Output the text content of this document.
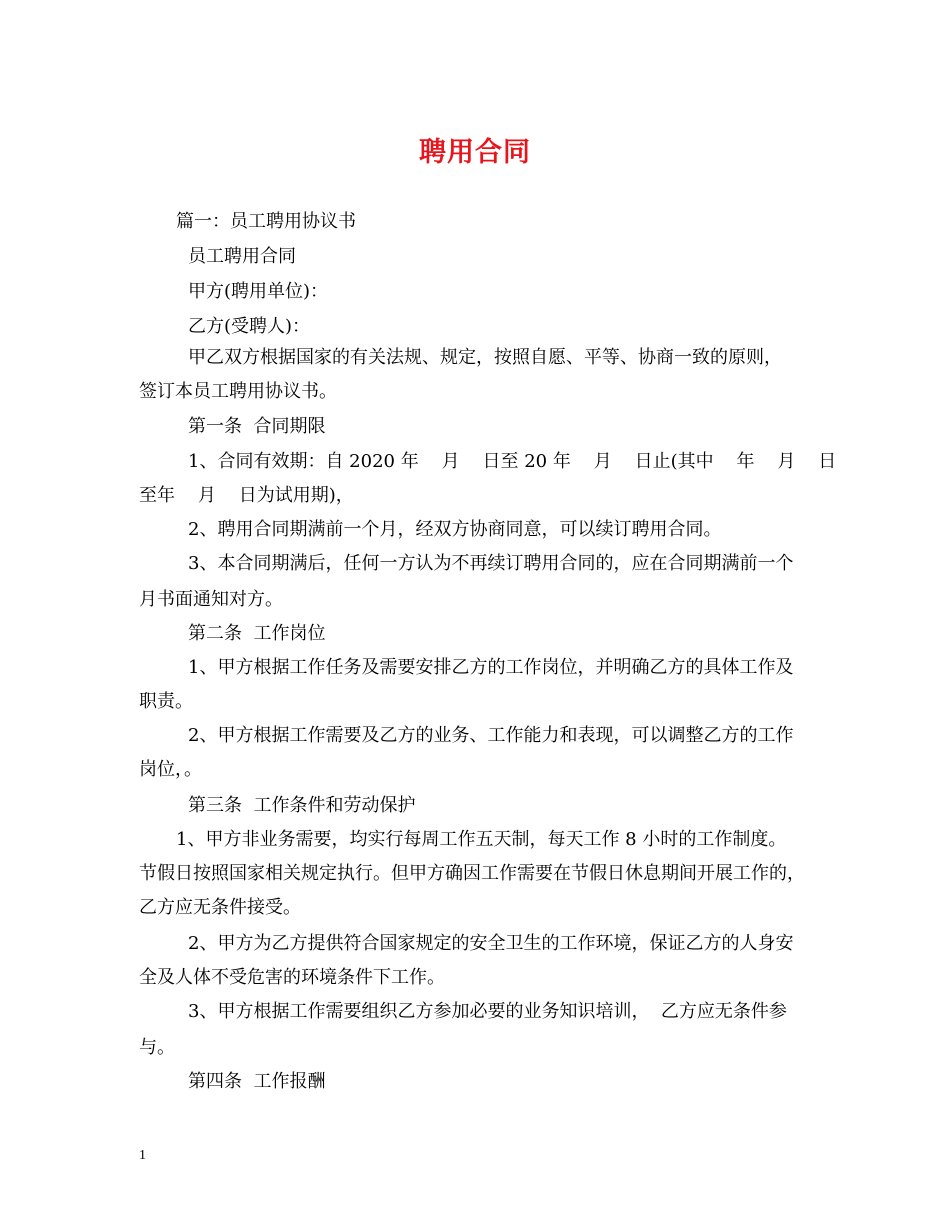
聘用合同
篇一：员工聘用协议书
员工聘用合同
甲方(聘用单位)：
乙方(受聘人)：
甲乙双方根据国家的有关法规、规定，按照自愿、平等、协商一致的原则，
签订本员工聘用协议书。
第一条  合同期限
1、合同有效期：自 2020 年    月    日至 20 年    月    日止(其中    年    月    日
至年    月    日为试用期)，
2、聘用合同期满前一个月，经双方协商同意，可以续订聘用合同。
3、本合同期满后，任何一方认为不再续订聘用合同的，应在合同期满前一个
月书面通知对方。
第二条  工作岗位
1、甲方根据工作任务及需要安排乙方的工作岗位，并明确乙方的具体工作及
职责。
2、甲方根据工作需要及乙方的业务、工作能力和表现，可以调整乙方的工作
岗位，。
第三条  工作条件和劳动保护
1、甲方非业务需要，均实行每周工作五天制，每天工作 8 小时的工作制度。
节假日按照国家相关规定执行。但甲方确因工作需要在节假日休息期间开展工作的，
乙方应无条件接受。
2、甲方为乙方提供符合国家规定的安全卫生的工作环境，保证乙方的人身安
全及人体不受危害的环境条件下工作。
3、甲方根据工作需要组织乙方参加必要的业务知识培训，  乙方应无条件参
与。
第四条  工作报酬
1
